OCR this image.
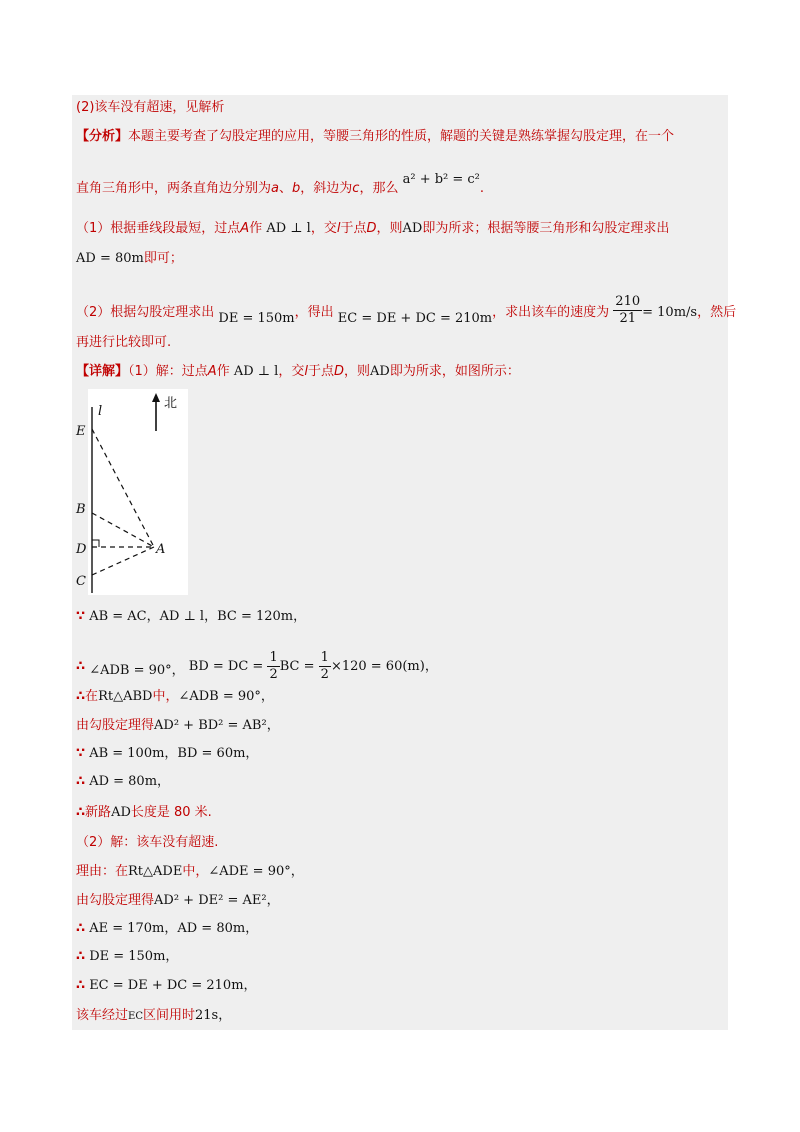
(2)该车没有超速，见解析
【分析】本题主要考查了勾股定理的应用，等腰三角形的性质，解题的关键是熟练掌握勾股定理，在一个
直角三角形中，两条直角边分别为a、b，斜边为c，那么 a² + b² = c².
（1）根据垂线段最短，过点A作 AD ⊥ l，交l于点D，则AD即为所求；根据等腰三角形和勾股定理求出
AD = 80m即可；
（2）根据勾股定理求出 DE = 150m，得出 EC = DE + DC = 210m，求出该车的速度为 $\frac{210}{21} = 10m/s$，然后
再进行比较即可.
【详解】（1）解：过点A作 AD ⊥ l，交l于点D，则AD即为所求，如图所示：
北
l
E
B
D
C
A
∵ AB = AC，AD ⊥ l，BC = 120m，
∴ ∠ADB = 90°， BD = DC = $\frac{1}{2}$ BC = $\frac{1}{2} \times 120 = 60(m)$，
∴在Rt△ABD中，∠ADB = 90°，
由勾股定理得AD² + BD² = AB²，
∵ AB = 100m，BD = 60m，
∴ AD = 80m，
∴新路AD长度是 80 米.
（2）解：该车没有超速.
理由：在Rt△ADE中，∠ADE = 90°，
由勾股定理得AD² + DE² = AE²，
∴ AE = 170m，AD = 80m，
∴ DE = 150m，
∴ EC = DE + DC = 210m，
该车经过EC区间用时21s，
